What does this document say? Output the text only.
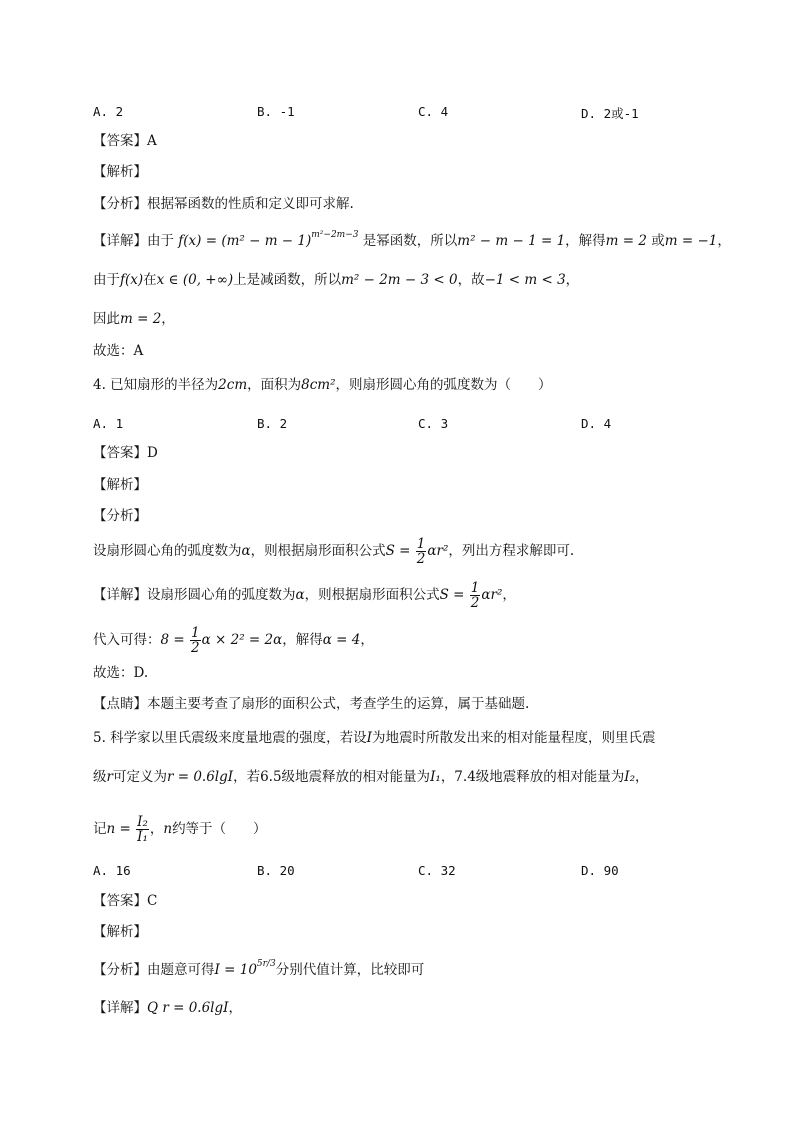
A. 2	B. -1	C. 4	D. 2或-1
【答案】A
【解析】
【分析】根据幂函数的性质和定义即可求解.
【详解】由于 $f(x) = (m^2 - m - 1)^{m^2-2m-3}$ 是幂函数，所以m² − m − 1 = 1，解得m = 2 或m = −1，
由于f(x)在x ∈ (0, +∞)上是减函数，所以m² − 2m − 3 < 0，故−1 < m < 3，
因此m = 2，
故选：A
4. 已知扇形的半径为2cm，面积为8cm²，则扇形圆心角的弧度数为（　　）
A. 1	B. 2	C. 3	D. 4
【答案】D
【解析】
【分析】
设扇形圆心角的弧度数为α，则根据扇形面积公式$S = \frac{1}{2} \alpha r^2$，列出方程求解即可.
【详解】设扇形圆心角的弧度数为α，则根据扇形面积公式$S = \frac{1}{2} \alpha r^2$，
代入可得：$8 = \frac{1}{2}$ α × 2² = 2α，解得α = 4，
故选：D.
【点睛】本题主要考查了扇形的面积公式，考查学生的运算，属于基础题.
5. 科学家以里氏震级来度量地震的强度，若设I为地震时所散发出来的相对能量程度，则里氏震
级r可定义为r = 0.6lgI，若6.5级地震释放的相对能量为I₁，7.4级地震释放的相对能量为I₂，
记$n = \frac{\text{I₂}}{\text{I₁}}$ ，n约等于（　　）
A. 16	B. 20	C. 32	D. 90
【答案】C
【解析】
【分析】由题意可得$I = 10^{5r/3}$分别代值计算，比较即可
【详解】Q r = 0.6lgI，
